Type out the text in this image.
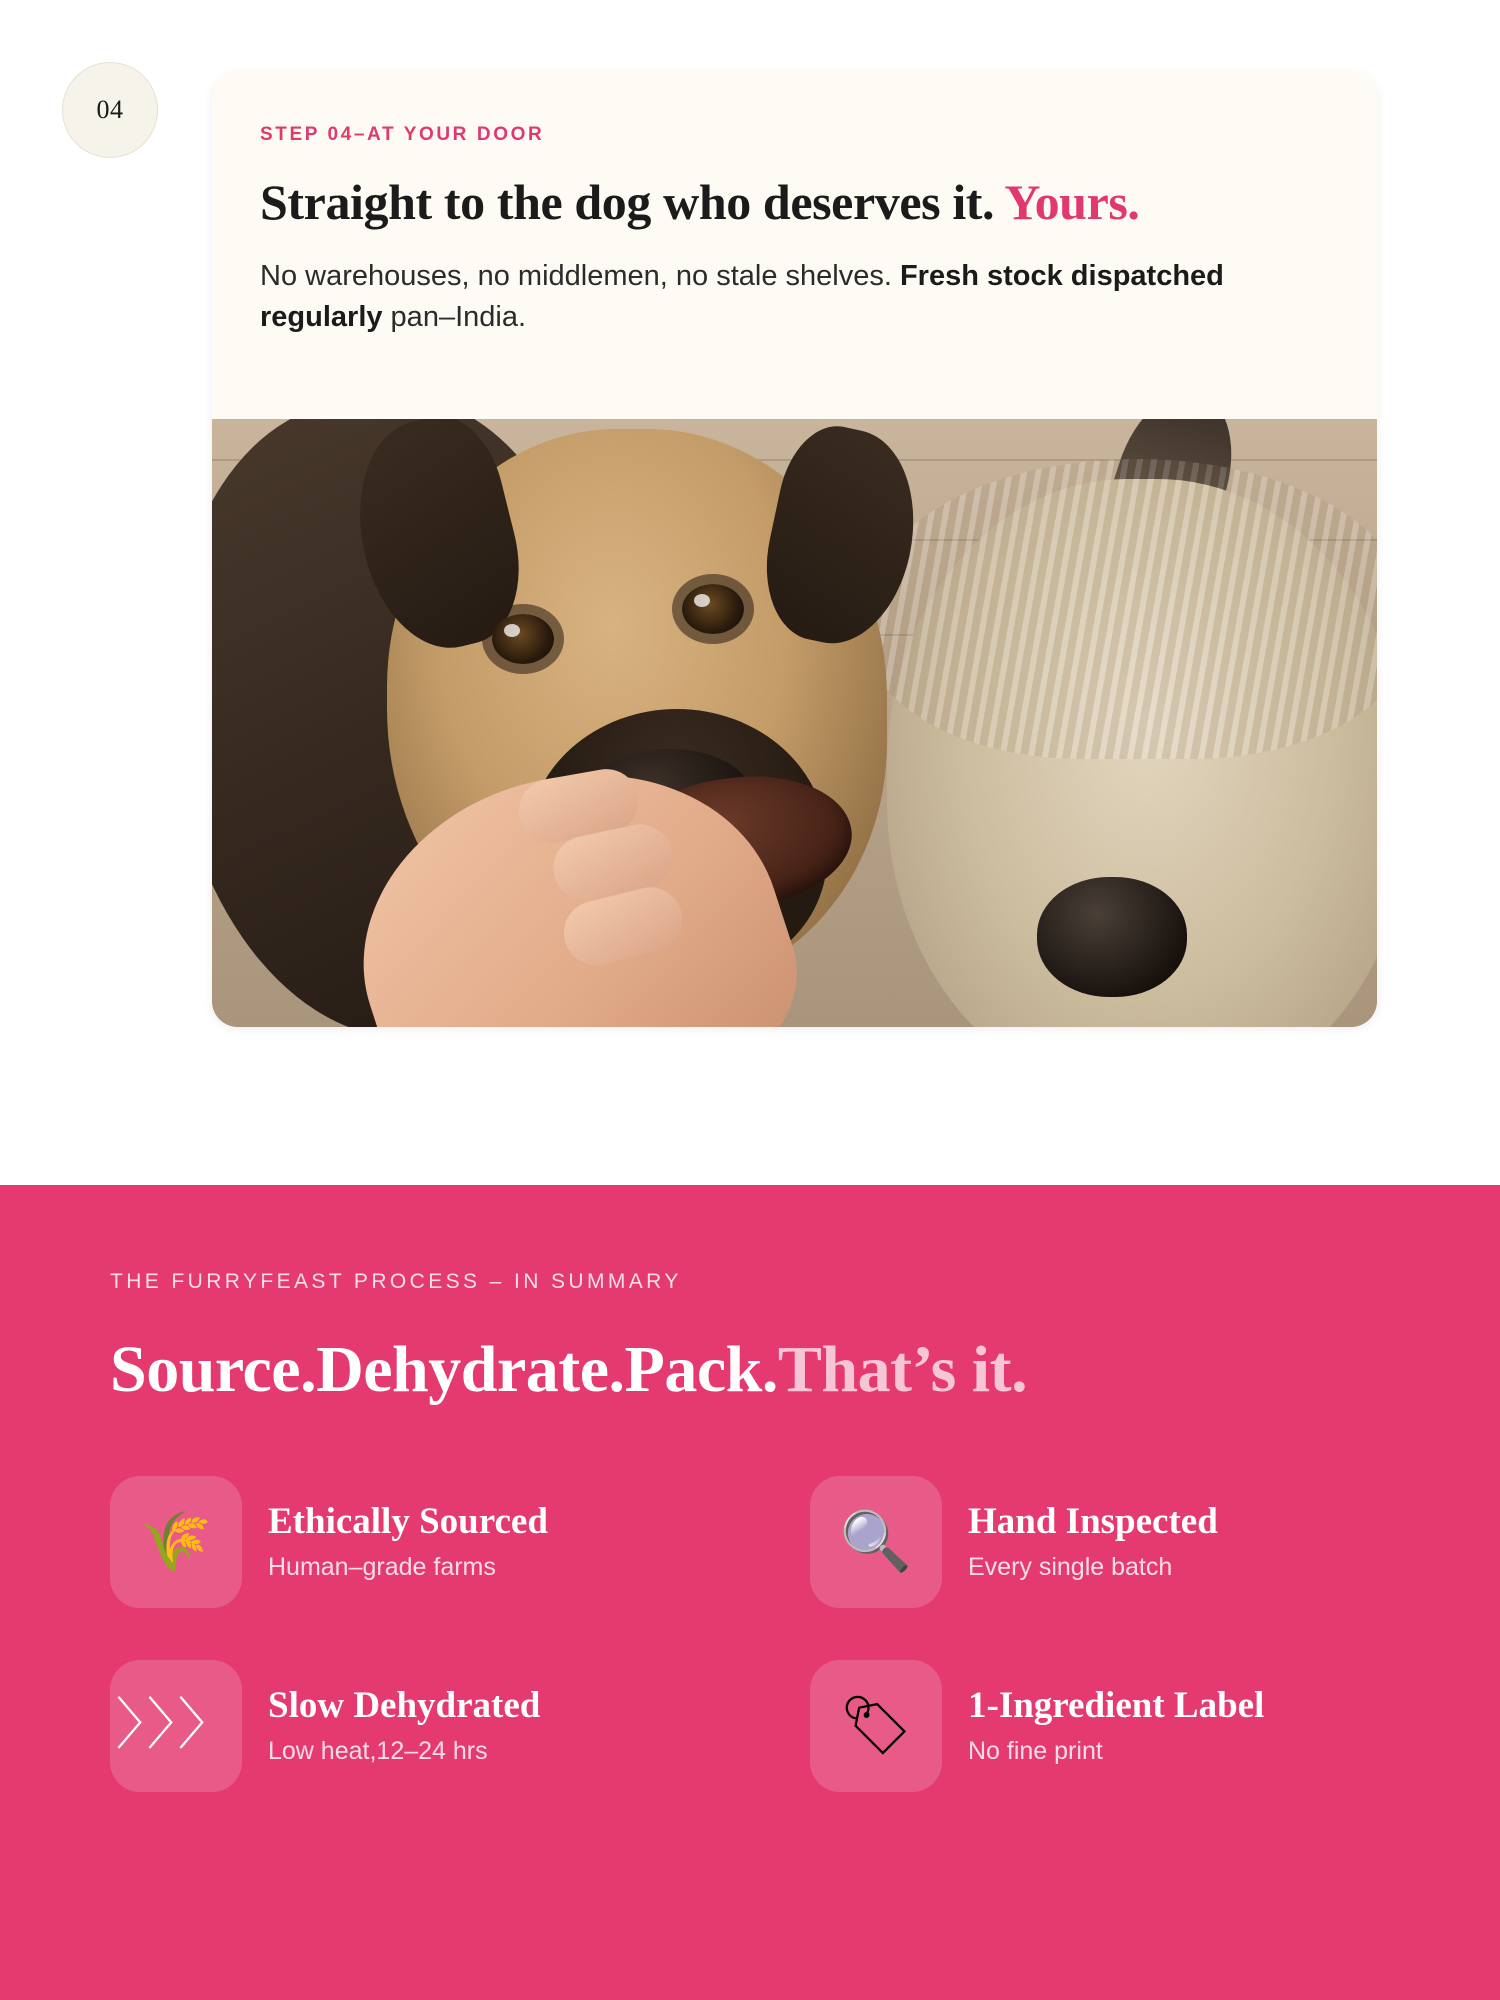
04
STEP 04–AT YOUR DOOR
Straight to the dog who deserves it. Yours.

No warehouses, no middlemen, no stale shelves. Fresh stock dispatched regularly pan–India.

THE FURRYFEAST PROCESS – IN SUMMARY
Source.Dehydrate.Pack.That’s it.
🌾 Ethically Sourced
Human–grade farms	🔍 Hand Inspected
Every single batch
〉〉〉 Slow Dehydrated
Low heat,12–24 hrs	🏷 1-Ingredient Label
No fine print
